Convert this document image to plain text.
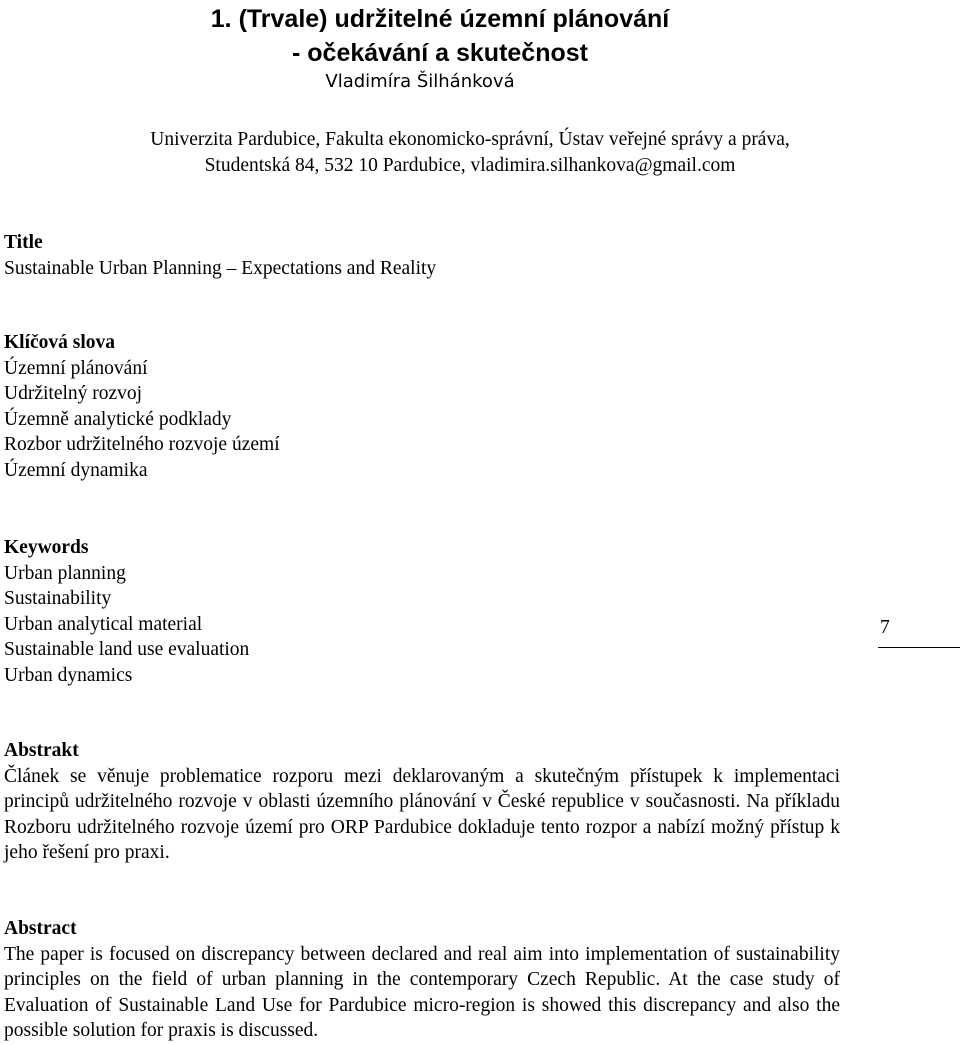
1. (Trvale) udržitelné územní plánování
- očekávání a skutečnost
Vladimíra Šilhánková
Univerzita Pardubice, Fakulta ekonomicko-správní, Ústav veřejné správy a práva,
Studentská 84, 532 10 Pardubice, vladimira.silhankova@gmail.com
Title
Sustainable Urban Planning – Expectations and Reality
Klíčová slova
Územní plánování
Udržitelný rozvoj
Územně analytické podklady
Rozbor udržitelného rozvoje území
Územní dynamika
Keywords
Urban planning
Sustainability
Urban analytical material
Sustainable land use evaluation
Urban dynamics
7
Abstrakt

Článek se věnuje problematice rozporu mezi deklarovaným a skutečným přístupek k implementaci principů udržitelného rozvoje v oblasti územního plánování v České republice v současnosti. Na příkladu Rozboru udržitelného rozvoje území pro ORP Pardubice dokladuje tento rozpor a nabízí možný přístup k jeho řešení pro praxi.

Abstract

The paper is focused on discrepancy between declared and real aim into implementation of sustainability principles on the field of urban planning in the contemporary Czech Republic. At the case study of Evaluation of Sustainable Land Use for Pardubice micro-region is showed this discrepancy and also the possible solution for praxis is discussed.
